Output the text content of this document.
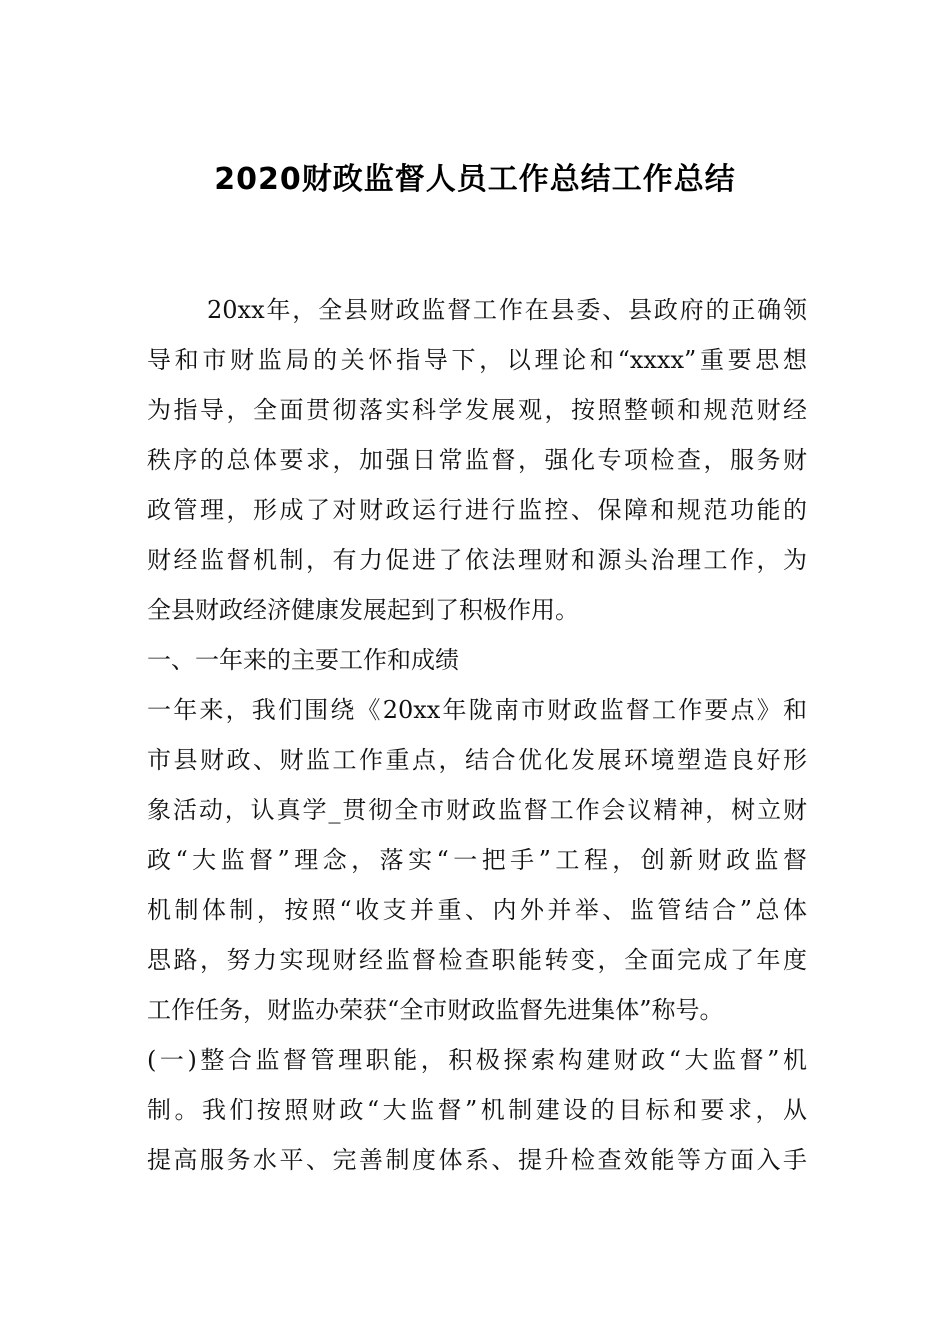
2020财政监督人员工作总结工作总结
20xx年，全县财政监督工作在县委、县政府的正确领
导和市财监局的关怀指导下，以理论和“xxxx”重要思想
为指导，全面贯彻落实科学发展观，按照整顿和规范财经
秩序的总体要求，加强日常监督，强化专项检查，服务财
政管理，形成了对财政运行进行监控、保障和规范功能的
财经监督机制，有力促进了依法理财和源头治理工作，为
全县财政经济健康发展起到了积极作用。
一、一年来的主要工作和成绩
一年来，我们围绕《20xx年陇南市财政监督工作要点》和
市县财政、财监工作重点，结合优化发展环境塑造良好形
象活动，认真学_贯彻全市财政监督工作会议精神，树立财
政“大监督”理念，落实“一把手”工程，创新财政监督
机制体制，按照“收支并重、内外并举、监管结合”总体
思路，努力实现财经监督检查职能转变，全面完成了年度
工作任务，财监办荣获“全市财政监督先进集体”称号。
(一)整合监督管理职能，积极探索构建财政“大监督”机
制。我们按照财政“大监督”机制建设的目标和要求，从
提高服务水平、完善制度体系、提升检查效能等方面入手
